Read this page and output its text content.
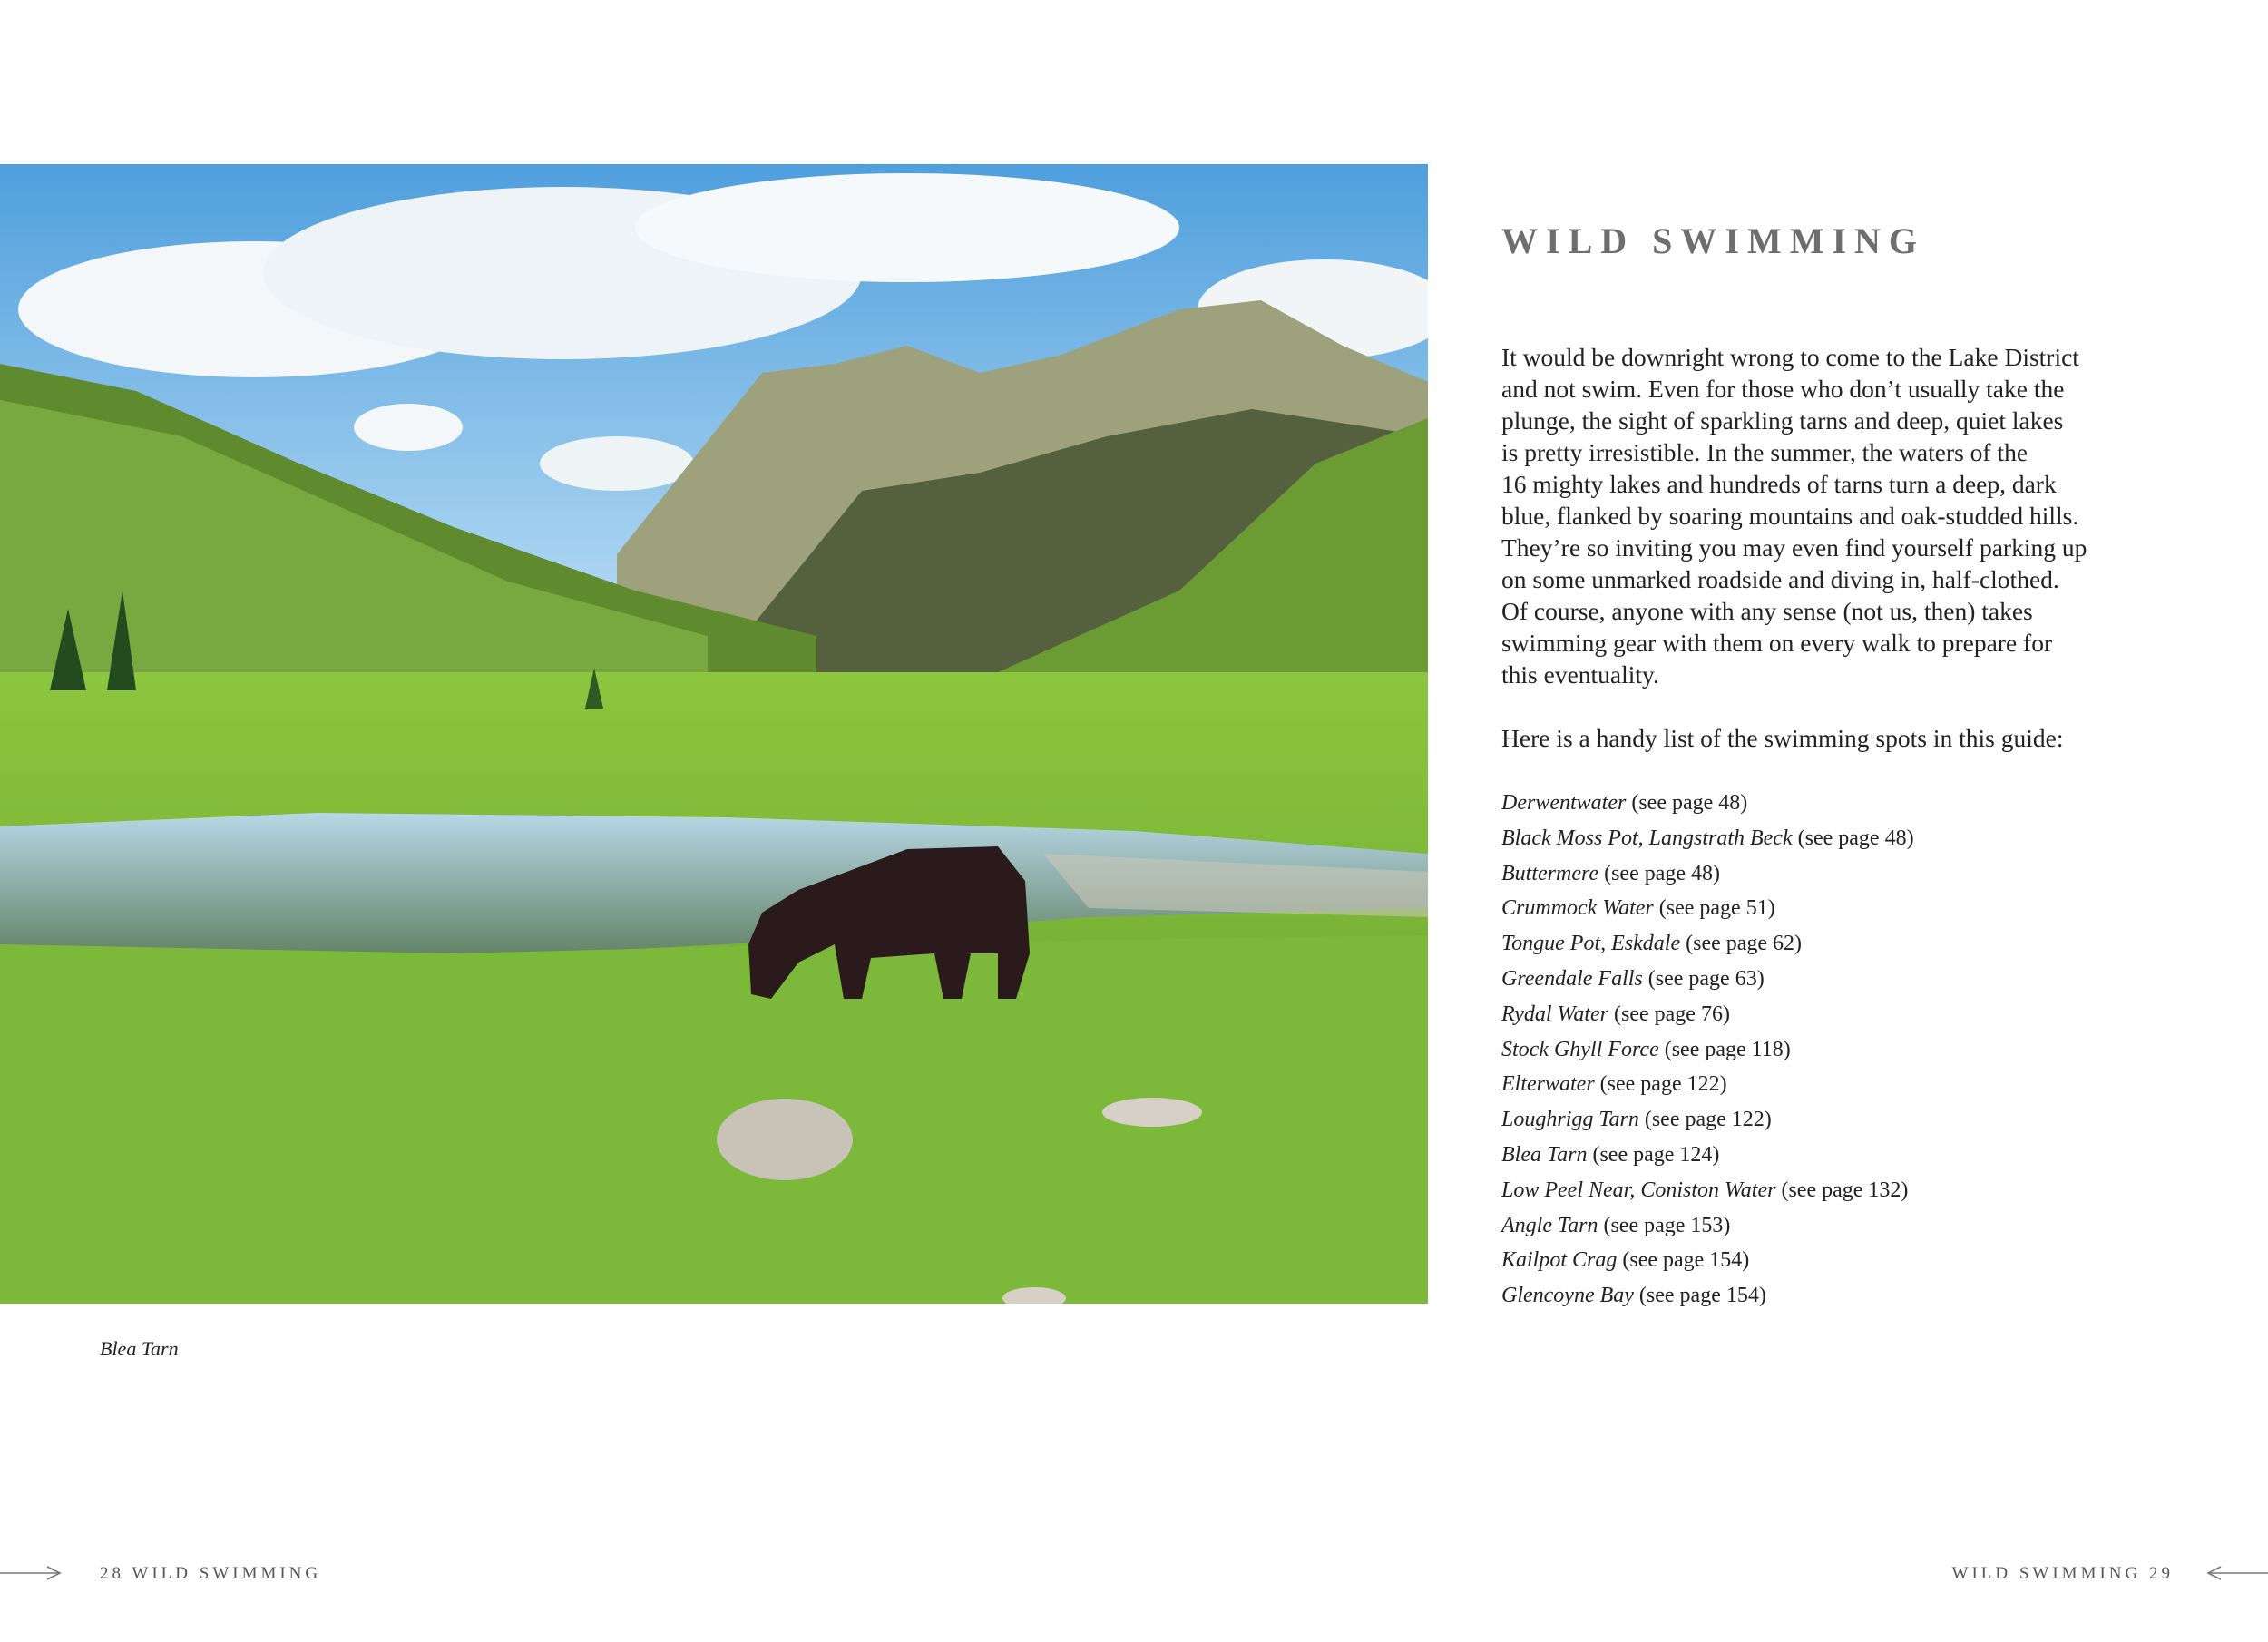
Blea Tarn
WILD SWIMMING

It would be downright wrong to come to the Lake District
and not swim. Even for those who don’t usually take the
plunge, the sight of sparkling tarns and deep, quiet lakes
is pretty irresistible. In the summer, the waters of the
16 mighty lakes and hundreds of tarns turn a deep, dark
blue, flanked by soaring mountains and oak-studded hills.
They’re so inviting you may even find yourself parking up
on some unmarked roadside and diving in, half-clothed.
Of course, anyone with any sense (not us, then) takes
swimming gear with them on every walk to prepare for
this eventuality.

Here is a handy list of the swimming spots in this guide:

Derwentwater (see page 48)
Black Moss Pot, Langstrath Beck (see page 48)
Buttermere (see page 48)
Crummock Water (see page 51)
Tongue Pot, Eskdale (see page 62)
Greendale Falls (see page 63)
Rydal Water (see page 76)
Stock Ghyll Force (see page 118)
Elterwater (see page 122)
Loughrigg Tarn (see page 122)
Blea Tarn (see page 124)
Low Peel Near, Coniston Water (see page 132)
Angle Tarn (see page 153)
Kailpot Crag (see page 154)
Glencoyne Bay (see page 154)
28 WILD SWIMMING	WILD SWIMMING 29
